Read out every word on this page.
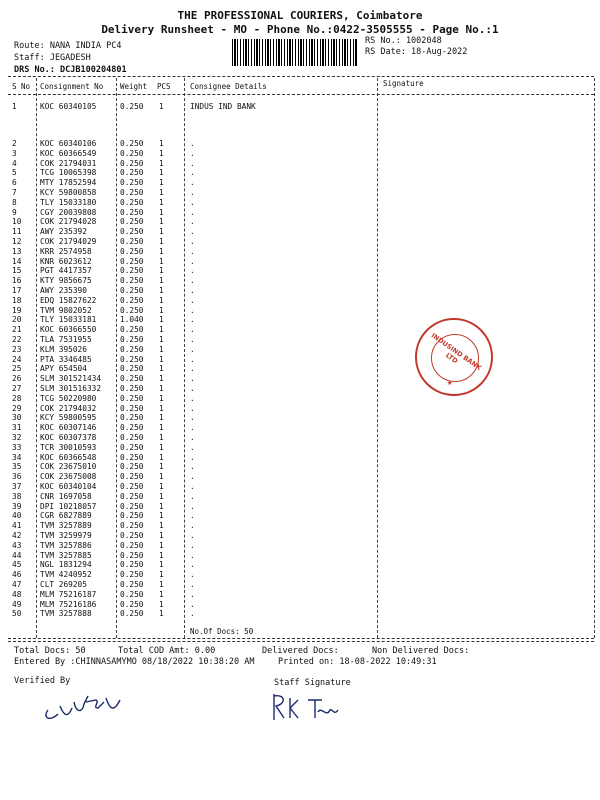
THE PROFESSIONAL COURIERS, Coimbatore
Delivery Runsheet - MO - Phone No.:0422-3505555 - Page No.:1
Route: NANA INDIA PC4
Staff: JEGADESH
DRS No.: DCJB100204801
RS No.: 1002048
RS Date: 18-Aug-2022
S No Consignment No Weight PCS	Consignee Details	Signature
1	KOC 60340105	0.250 1	INDUS IND BANK
2	KOC 60340106	0.250 1	.
3	KOC 60366549	0.250 1	.
4	COK 21794031	0.250 1	.
5	TCG 10065398	0.250 1	.
6	MTY 17852594	0.250 1	.
7	KCY 59800858	0.250 1	.
8	TLY 15033180	0.250 1	.
9	CGY 20039808	0.250 1	.
10 COK 21794028	0.250 1	.
11 AWY 235392	0.250 1	.
12 COK 21794029	0.250 1	.
13 KRR 2574958	0.250 1	.
14 KNR 6023612	0.250 1	.
15 PGT 4417357	0.250 1	.
16 KTY 9856675	0.250 1	.
17 AWY 235390	0.250 1	.
18 EDQ 15827622	0.250 1	.
19 TVM 9802052	0.250 1	.
20 TLY 15033181	1.040 1	.
21 KOC 60366550	0.250 1	.
22 TLA 7531955	0.250 1	.
23 KLM 395026	0.250 1	.
24 PTA 3346485	0.250 1	.
25 APY 654504	0.250 1	.
26 SLM 301521434 0.250 1	.
27 SLM 301516332 0.250 1	.
28 TCG 50220980	0.250 1	.
29 COK 21794032	0.250 1	.
30 KCY 59800595	0.250 1	.
31 KOC 60307146	0.250 1	.
32 KOC 60307378	0.250 1	.
33 TCR 30010593	0.250 1	.
34 KOC 60366548	0.250 1	.
35 COK 23675010	0.250 1	.
36 COK 23675008	0.250 1	.
37 KOC 60340104	0.250 1	.
38 CNR 1697058	0.250 1	.
39 DPI 10218057	0.250 1	.
40 CGR 6827889	0.250 1	.
41 TVM 3257889	0.250 1	.
42 TVM 3259979	0.250 1	.
43 TVM 3257886	0.250 1	.
44 TVM 3257885	0.250 1	.
45 NGL 1831294	0.250 1	.
46 TVM 4240952	0.250 1	.
47 CLT 269205	0.250 1	.
48 MLM 75216187	0.250 1	.
49 MLM 75216186	0.250 1	.
50 TVM 3257888	0.250 1	.
No.Of Docs: 50
Total Docs: 50	Total COD Amt: 0.00	Delivered Docs:	Non Delivered Docs:
Entered By :CHINNASAMYMO 08/18/2022 10:38:20 AM	Printed on: 18-08-2022 10:49:31
Verified By	Staff Signature
INDUSIND BANK LTD
★
